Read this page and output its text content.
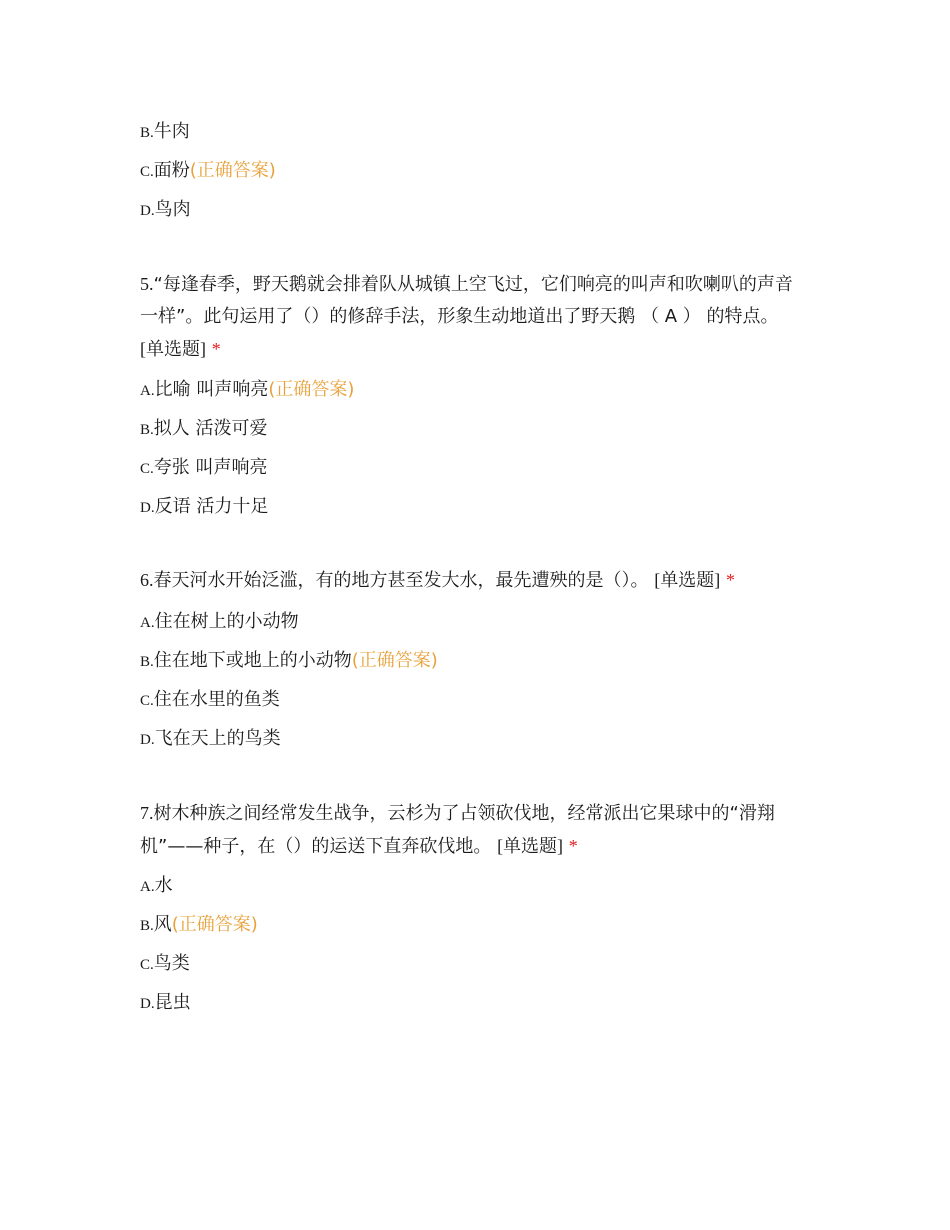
B.牛肉
C.面粉(正确答案)
D.鸟肉
5.“每逢春季，野天鹅就会排着队从城镇上空飞过，它们响亮的叫声和吹喇叭的声音一样”。此句运用了（）的修辞手法，形象生动地道出了野天鹅 （ A ） 的特点。
[单选题] *
A.比喻 叫声响亮(正确答案)
B.拟人 活泼可爱
C.夸张 叫声响亮
D.反语 活力十足
6.春天河水开始泛滥，有的地方甚至发大水，最先遭殃的是（）。 [单选题] *
A.住在树上的小动物
B.住在地下或地上的小动物(正确答案)
C.住在水里的鱼类
D.飞在天上的鸟类
7.树木种族之间经常发生战争，云杉为了占领砍伐地，经常派出它果球中的“滑翔机”——种子，在（）的运送下直奔砍伐地。 [单选题] *
A.水
B.风(正确答案)
C.鸟类
D.昆虫
